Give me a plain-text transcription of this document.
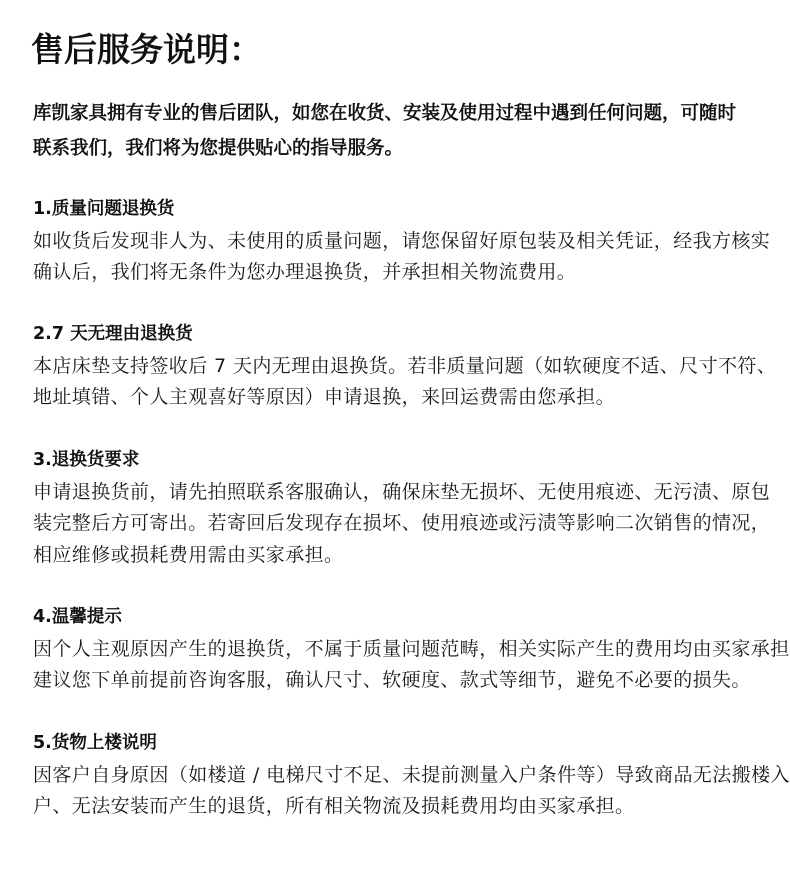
售后服务说明：
库凯家具拥有专业的售后团队，如您在收货、安装及使用过程中遇到任何问题，可随时
联系我们，我们将为您提供贴心的指导服务。
1.质量问题退换货
如收货后发现非人为、未使用的质量问题，请您保留好原包装及相关凭证，经我方核实
确认后，我们将无条件为您办理退换货，并承担相关物流费用。
2.7 天无理由退换货
本店床垫支持签收后 7 天内无理由退换货。若非质量问题（如软硬度不适、尺寸不符、
地址填错、个人主观喜好等原因）申请退换，来回运费需由您承担。
3.退换货要求
申请退换货前，请先拍照联系客服确认，确保床垫无损坏、无使用痕迹、无污渍、原包
装完整后方可寄出。若寄回后发现存在损坏、使用痕迹或污渍等影响二次销售的情况，
相应维修或损耗费用需由买家承担。
4.温馨提示
因个人主观原因产生的退换货，不属于质量问题范畴，相关实际产生的费用均由买家承担
建议您下单前提前咨询客服，确认尺寸、软硬度、款式等细节，避免不必要的损失。
5.货物上楼说明
因客户自身原因（如楼道 / 电梯尺寸不足、未提前测量入户条件等）导致商品无法搬楼入
户、无法安装而产生的退货，所有相关物流及损耗费用均由买家承担。
